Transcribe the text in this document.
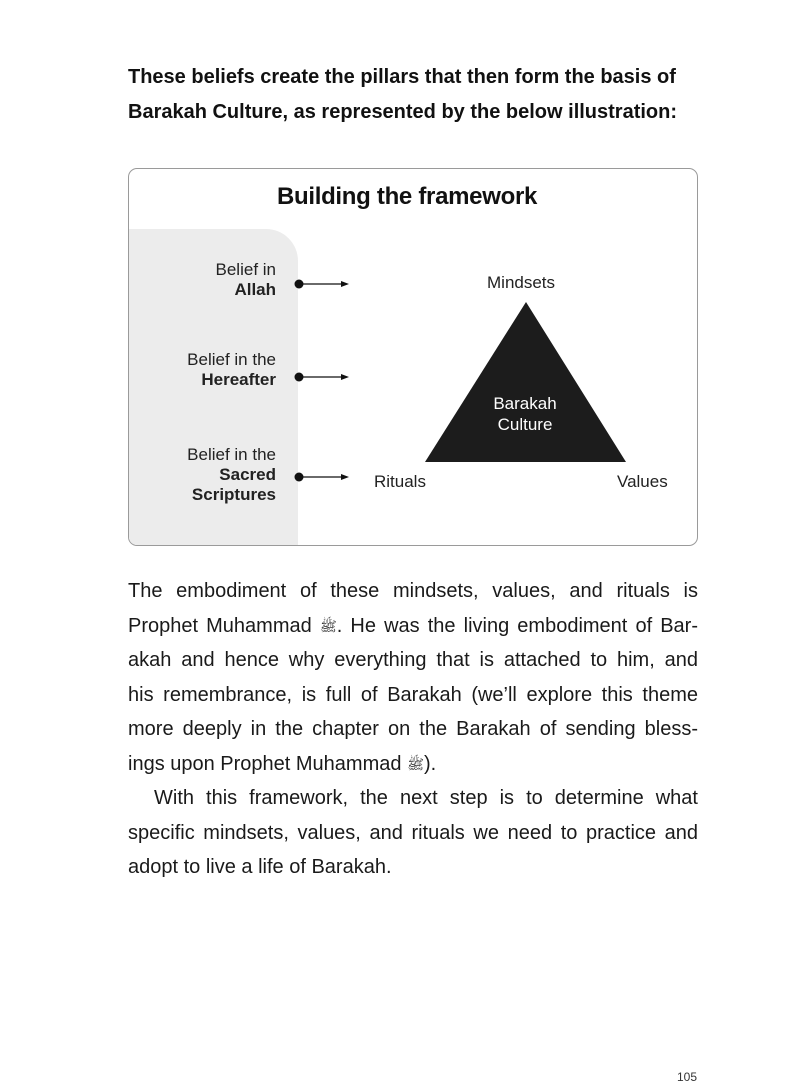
These beliefs create the pillars that then form the basis of
Barakah Culture, as represented by the below illustration:
Building the framework
Belief in
Allah
Belief in the
Hereafter
Belief in the
Sacred
Scriptures
Mindsets
Rituals	Values
Barakah
Culture
The embodiment of these mindsets, values, and rituals is
Prophet Muhammad ﷺ. He was the living embodiment of Bar-
akah and hence why everything that is attached to him, and
his remembrance, is full of Barakah (we’ll explore this theme
more deeply in the chapter on the Barakah of sending bless-
ings upon Prophet Muhammad ﷺ).
With this framework, the next step is to determine what
specific mindsets, values, and rituals we need to practice and
adopt to live a life of Barakah.
105
